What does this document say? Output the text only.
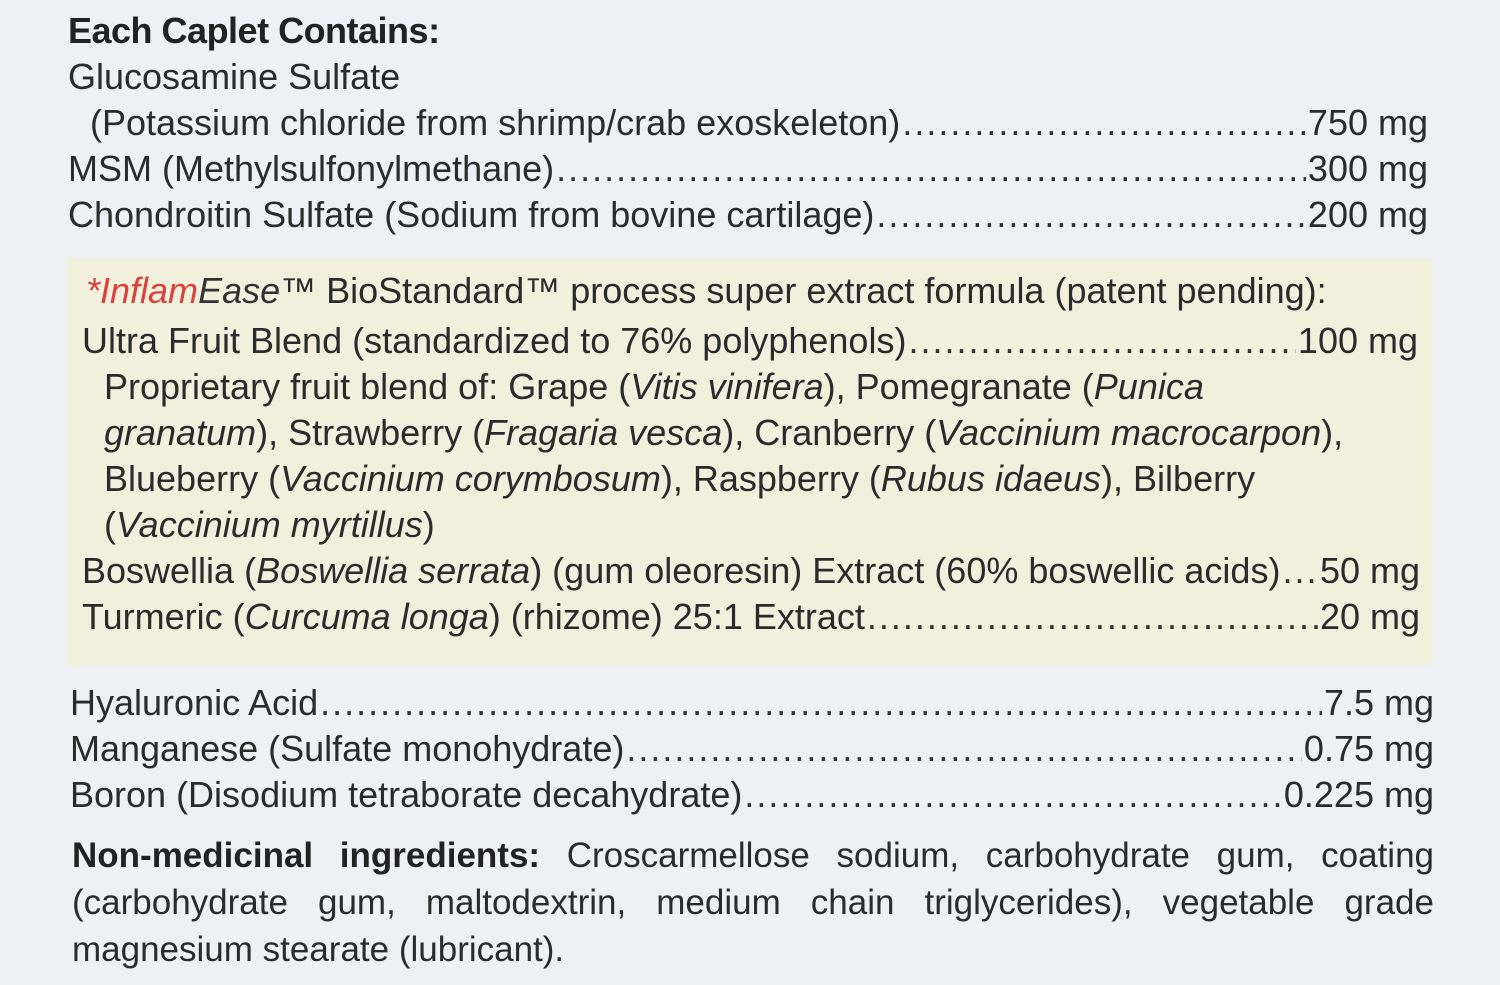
Each Caplet Contains:
Glucosamine Sulfate
(Potassium chloride from shrimp/crab exoskeleton) .....	750 mg
MSM (Methylsulfonylmethane) .....	300 mg
Chondroitin Sulfate (Sodium from bovine cartilage) .....	200 mg
*InflamEase™ BioStandard™ process super extract formula (patent pending):
Ultra Fruit Blend (standardized to 76% polyphenols) .....	100 mg
Proprietary fruit blend of: Grape (Vitis vinifera), Pomegranate (Punica
granatum), Strawberry (Fragaria vesca), Cranberry (Vaccinium macrocarpon),
Blueberry (Vaccinium corymbosum), Raspberry (Rubus idaeus), Bilberry
(Vaccinium myrtillus)
Boswellia (Boswellia serrata) (gum oleoresin) Extract (60% boswellic acids) ..... 50 mg
Turmeric (Curcuma longa) (rhizome) 25:1 Extract .....	20 mg
Hyaluronic Acid .....	7.5 mg
Manganese (Sulfate monohydrate) .....	0.75 mg
Boron (Disodium tetraborate decahydrate) .....	0.225 mg
Non-medicinal ingredients: Croscarmellose sodium, carbohydrate gum, coating (carbohydrate gum, maltodextrin, medium chain triglycerides), vegetable grade magnesium stearate (lubricant).
